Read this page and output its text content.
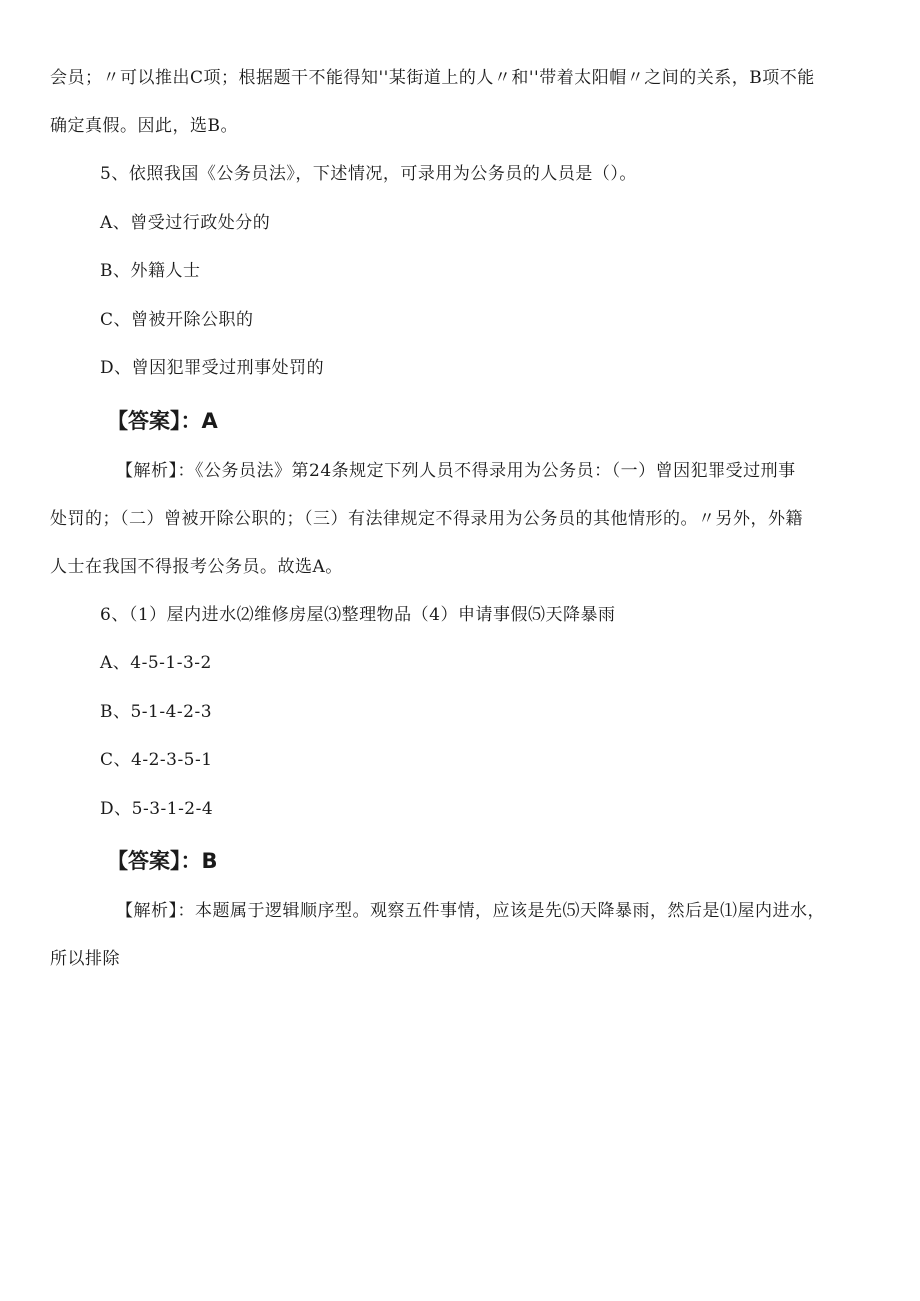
会员；〃可以推出C项；根据题干不能得知''某街道上的人〃和''带着太阳帽〃之间的关系，B项不能
确定真假。因此，选B。
5、依照我国《公务员法》，下述情况，可录用为公务员的人员是（）。
A、曾受过行政处分的
B、外籍人士
C、曾被开除公职的
D、曾因犯罪受过刑事处罚的
【答案】：A
【解析】：《公务员法》第24条规定下列人员不得录用为公务员：（一）曾因犯罪受过刑事
处罚的；（二）曾被开除公职的；（三）有法律规定不得录用为公务员的其他情形的。〃另外，外籍
人士在我国不得报考公务员。故选A。
6、（1）屋内进水⑵维修房屋⑶整理物品（4）申请事假⑸天降暴雨
A、4-5-1-3-2
B、5-1-4-2-3
C、4-2-3-5-1
D、5-3-1-2-4
【答案】：B
【解析】：本题属于逻辑顺序型。观察五件事情，应该是先⑸天降暴雨，然后是⑴屋内进水，
所以排除
